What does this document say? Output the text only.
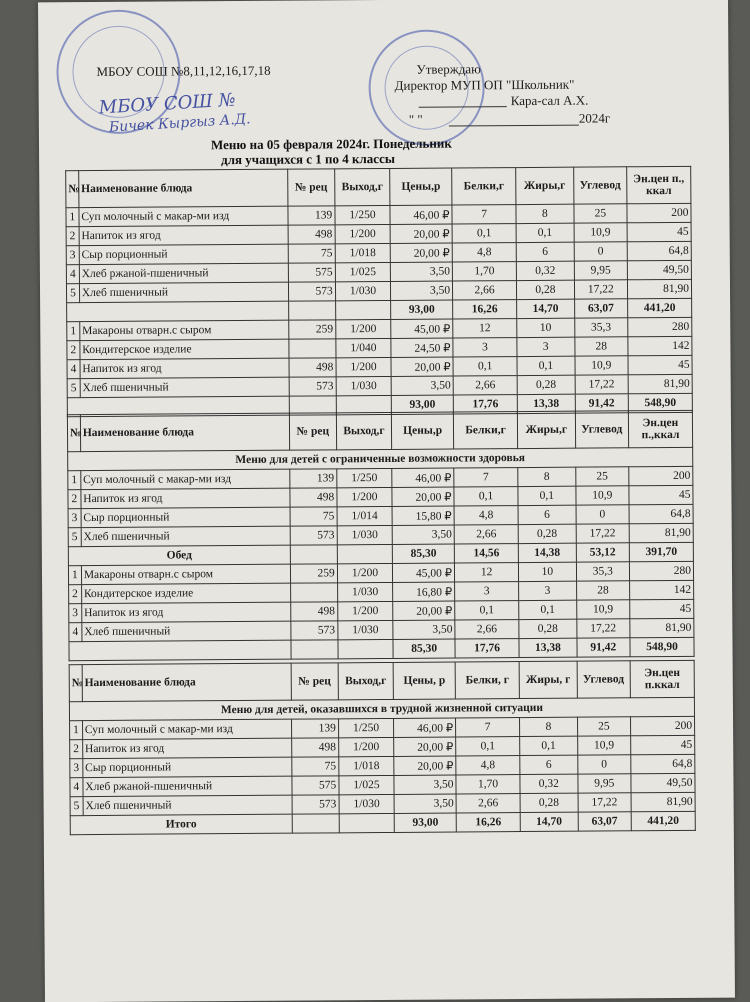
МБОУ СОШ №8,11,12,16,17,18	Утверждаю
Директор МУП ОП "Школьник"
Кара-сал А.Х.
" "	2024г
МБОУ СОШ №
Бичек Кыргыз А.Д.
Меню на 05 февраля 2024г. Понедельник
для учащихся с 1 по 4 классы
№	Наименование блюда	№ рец	Выход,г	Цены,р	Белки,г	Жиры,г	Углевод	Эн.цен п., ккал
1	Суп молочный с макар-ми изд	139	1/250	46,00 ₽	7	8	25	200
2	Напиток из ягод	498	1/200	20,00 ₽	0,1	0,1	10,9	45
3	Сыр порционный	75	1/018	20,00 ₽	4,8	6	0	64,8
4	Хлеб ржаной-пшеничный	575	1/025	3,50	1,70	0,32	9,95	49,50
5	Хлеб пшеничный	573	1/030	3,50	2,66	0,28	17,22	81,90
				93,00	16,26	14,70	63,07	441,20
1	Макароны отварн.с сыром	259	1/200	45,00 ₽	12	10	35,3	280
2	Кондитерское изделие		1/040	24,50 ₽	3	3	28	142
4	Напиток из ягод	498	1/200	20,00 ₽	0,1	0,1	10,9	45
5	Хлеб пшеничный	573	1/030	3,50	2,66	0,28	17,22	81,90
				93,00	17,76	13,38	91,42	548,90
Меню для детей с ограниченные возможности здоровья								
№	Наименование блюда	№ рец	Выход,г	Цены,р	Белки,г	Жиры,г	Углевод	Эн.цен п.,ккал
1	Суп молочный с макар-ми изд	139	1/250	46,00 ₽	7	8	25	200
2	Напиток из ягод	498	1/200	20,00 ₽	0,1	0,1	10,9	45
3	Сыр порционный	75	1/014	15,80 ₽	4,8	6	0	64,8
5	Хлеб пшеничный	573	1/030	3,50	2,66	0,28	17,22	81,90
Обед				85,30	14,56	14,38	53,12	391,70
1	Макароны отварн.с сыром	259	1/200	45,00 ₽	12	10	35,3	280
2	Кондитерское изделие		1/030	16,80 ₽	3	3	28	142
3	Напиток из ягод	498	1/200	20,00 ₽	0,1	0,1	10,9	45
4	Хлеб пшеничный	573	1/030	3,50	2,66	0,28	17,22	81,90
				85,30	17,76	13,38	91,42	548,90
Меню для детей, оказавшихся в трудной жизненной ситуации								
№	Наименование блюда	№ рец	Выход,г	Цены, р	Белки, г	Жиры, г	Углевод	Эн.цен п.ккал
1	Суп молочный с макар-ми изд	139	1/250	46,00 ₽	7	8	25	200
2	Напиток из ягод	498	1/200	20,00 ₽	0,1	0,1	10,9	45
3	Сыр порционный	75	1/018	20,00 ₽	4,8	6	0	64,8
4	Хлеб ржаной-пшеничный	575	1/025	3,50	1,70	0,32	9,95	49,50
5	Хлеб пшеничный	573	1/030	3,50	2,66	0,28	17,22	81,90
Итого				93,00	16,26	14,70	63,07	441,20
